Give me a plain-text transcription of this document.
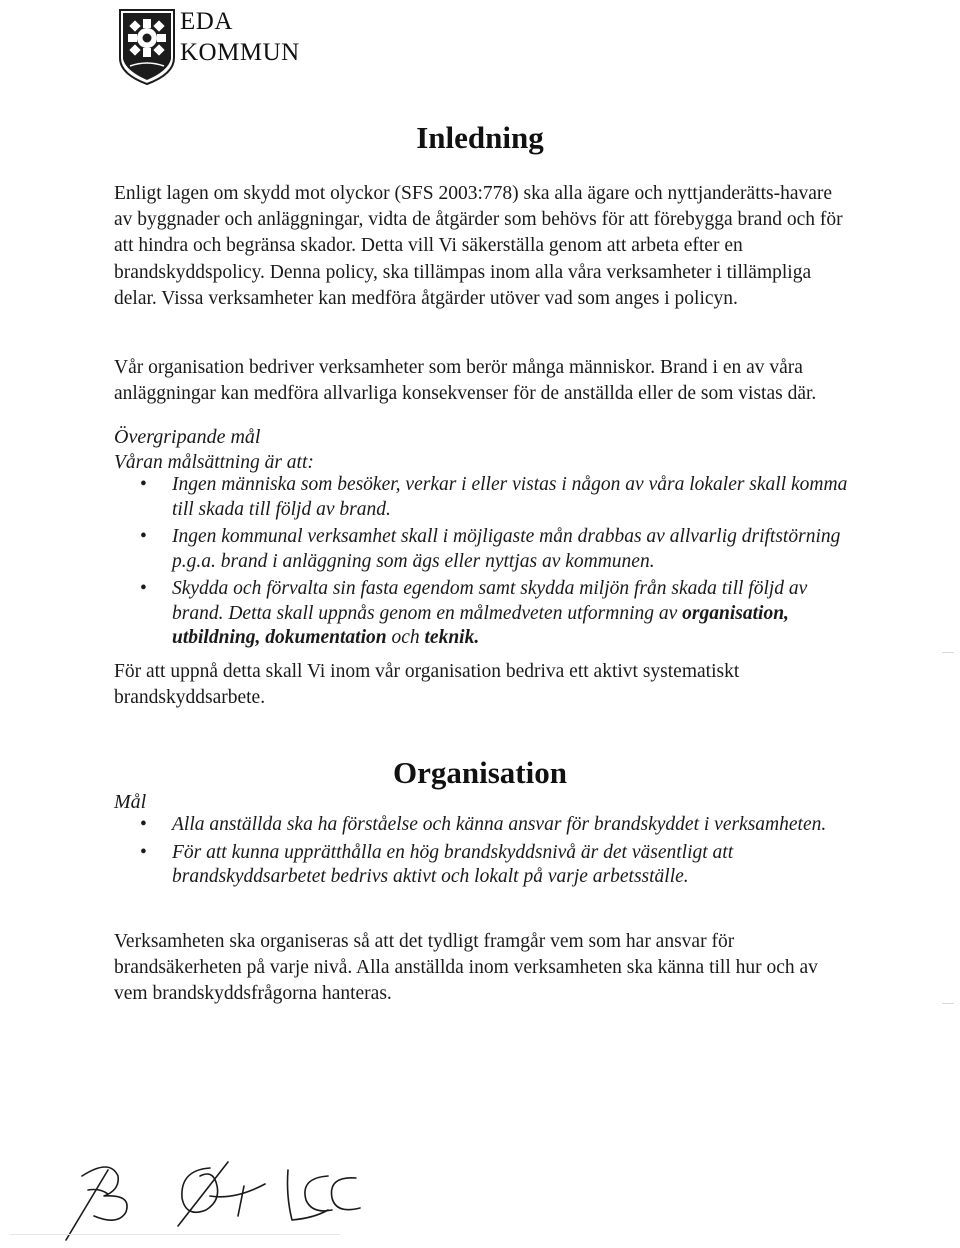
EDA
KOMMUN
Inledning
Enligt lagen om skydd mot olyckor (SFS 2003:778) ska alla ägare och nyttjanderätts-havare av byggnader och anläggningar, vidta de åtgärder som behövs för att förebygga brand och för att hindra och begränsa skador. Detta vill Vi säkerställa genom att arbeta efter en brandskyddspolicy. Denna policy, ska tillämpas inom alla våra verksamheter i tillämpliga delar. Vissa verksamheter kan medföra åtgärder utöver vad som anges i policyn.
Vår organisation bedriver verksamheter som berör många människor. Brand i en av våra anläggningar kan medföra allvarliga konsekvenser för de anställda eller de som vistas där.
Övergripande mål
Våran målsättning är att:
• Ingen människa som besöker, verkar i eller vistas i någon av våra lokaler skall komma till skada till följd av brand.
• Ingen kommunal verksamhet skall i möjligaste mån drabbas av allvarlig driftstörning p.g.a. brand i anläggning som ägs eller nyttjas av kommunen.
• Skydda och förvalta sin fasta egendom samt skydda miljön från skada till följd av brand. Detta skall uppnås genom en målmedveten utformning av organisation,
utbildning, dokumentation och teknik.
För att uppnå detta skall Vi inom vår organisation bedriva ett aktivt systematiskt brandskyddsarbete.
Organisation
Mål
• Alla anställda ska ha förståelse och känna ansvar för brandskyddet i verksamheten.
• För att kunna upprätthålla en hög brandskyddsnivå är det väsentligt att brandskyddsarbetet bedrivs aktivt och lokalt på varje arbetsställe.
Verksamheten ska organiseras så att det tydligt framgår vem som har ansvar för brandsäkerheten på varje nivå. Alla anställda inom verksamheten ska känna till hur och av vem brandskyddsfrågorna hanteras.
